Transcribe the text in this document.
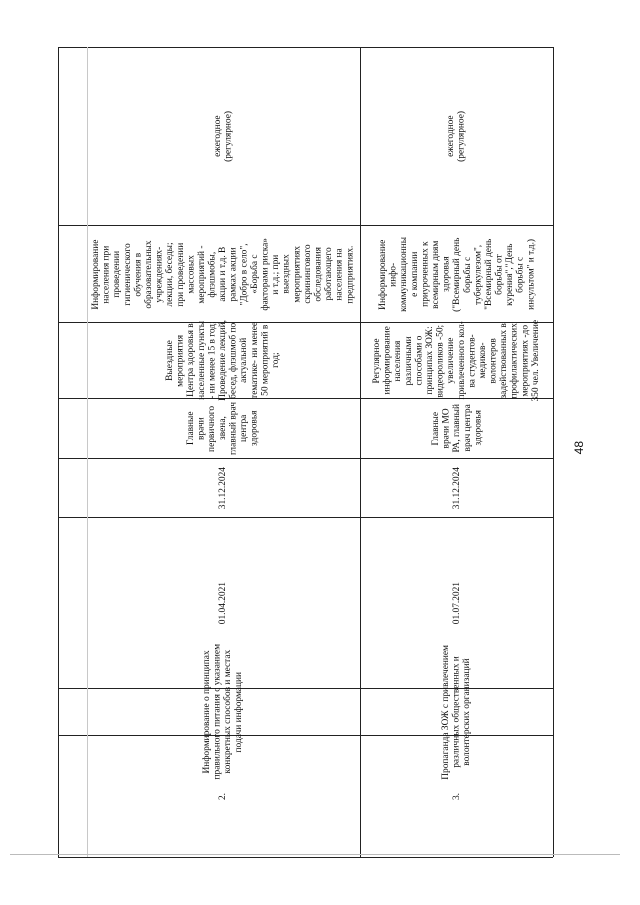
ежегодное
(регулярное)
Информирование
населения при
проведении
гигиенического
обучения в
образовательных
учреждениях-
лекции, беседы;
при проведении
массовых
мероприятий -
флэшмобы,
акции и т.д. В
рамках акции
"Добро в село",
«Борьба с
факторами риска»
и т.д.; при
выездных
мероприятиях
скринингового
обследования
работающего
населения на
предприятиях.
Выездные
мероприятия
Центра здоровья в
населенные пункты
- ни менее 15 в год;
Проведение лекций,
бесед, флэшмоб по
актуальной
тематике- ни менее
50 мероприятий в
год;
Главные
врачи
первичного
звена,
главный врач
центра
здоровья
31.12.2024
01.04.2021
Информирование о принципах
правильного питания с указанием
конкретных способов и местах
подачи информации
2.
ежегодное
(регулярное)
Информирование
инфо-
коммуникационны
е компании
приуроченных к
всемирным дням
здоровья
("Всемирный день
борьбы с
туберкулезом",
"Всемирный день
борьбы от
курения","День
борьбы с
инсультом" и т.д.)
Регулярное
информирование
населения
различными
способами о
принципах ЗОЖ:
видеороликов -50;
увеличение
привлеченного кол-
ва студентов-
медиков-
волонтеров
задействованных в
профилактических
мероприятиях -до
350 чел. Увеличение
Главные
врачи МО
РА, главный
врач центра
здоровья
31.12.2024
01.07.2021
Пропаганда ЗОЖ с привлечением
различных общественных и
волонтерских организаций
3.
48
